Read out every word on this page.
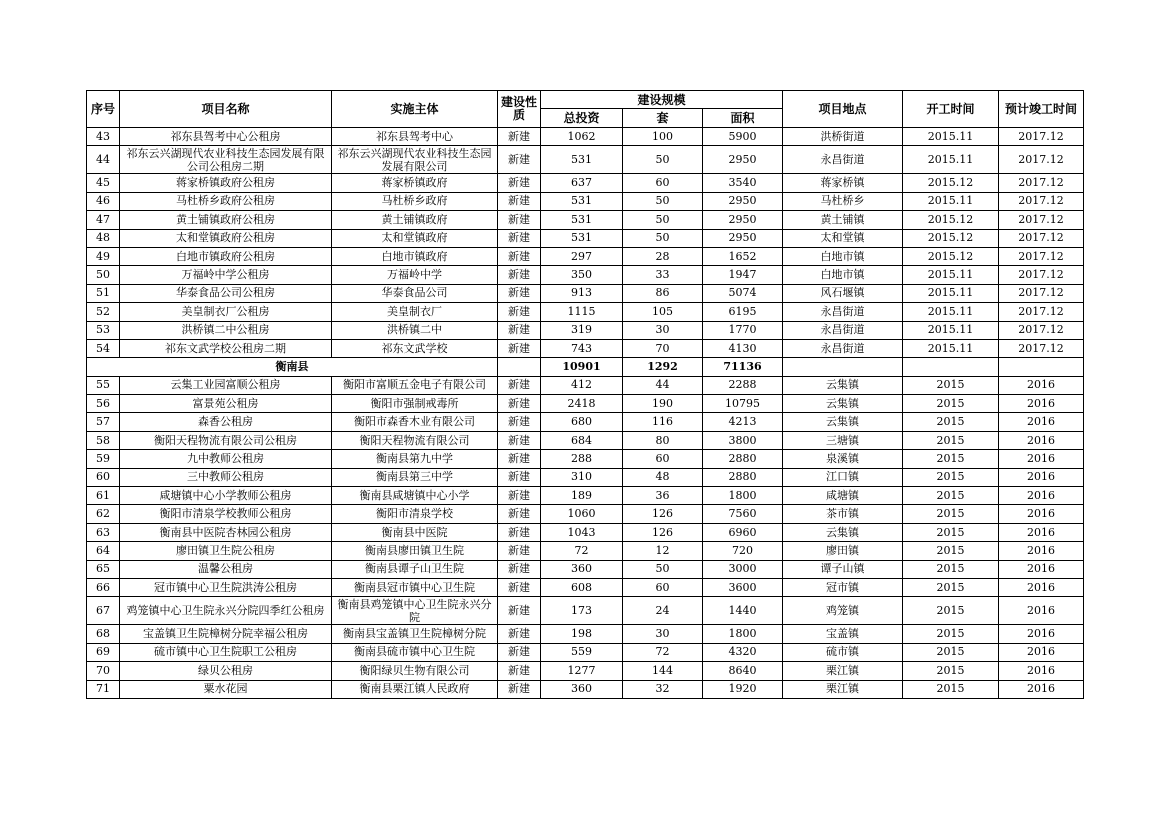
序号	项目名称	实施主体	建设性质	建设规模			项目地点	开工时间	预计竣工时间
				总投资	套	面积			
43	祁东县驾考中心公租房	祁东县驾考中心	新建	1062	100	5900	洪桥街道	2015.11	2017.12
44	祁东云兴湖现代农业科技生态园发展有限公司公租房二期	祁东云兴湖现代农业科技生态园发展有限公司	新建	531	50	2950	永昌街道	2015.11	2017.12
45	蒋家桥镇政府公租房	蒋家桥镇政府	新建	637	60	3540	蒋家桥镇	2015.12	2017.12
46	马杜桥乡政府公租房	马杜桥乡政府	新建	531	50	2950	马杜桥乡	2015.11	2017.12
47	黄土铺镇政府公租房	黄土铺镇政府	新建	531	50	2950	黄土铺镇	2015.12	2017.12
48	太和堂镇政府公租房	太和堂镇政府	新建	531	50	2950	太和堂镇	2015.12	2017.12
49	白地市镇政府公租房	白地市镇政府	新建	297	28	1652	白地市镇	2015.12	2017.12
50	万福岭中学公租房	万福岭中学	新建	350	33	1947	白地市镇	2015.11	2017.12
51	华泰食品公司公租房	华泰食品公司	新建	913	86	5074	风石堰镇	2015.11	2017.12
52	美皇制衣厂公租房	美皇制衣厂	新建	1115	105	6195	永昌街道	2015.11	2017.12
53	洪桥镇二中公租房	洪桥镇二中	新建	319	30	1770	永昌街道	2015.11	2017.12
54	祁东文武学校公租房二期	祁东文武学校	新建	743	70	4130	永昌街道	2015.11	2017.12
衡南县				10901	1292	71136			
55	云集工业园富顺公租房	衡阳市富顺五金电子有限公司	新建	412	44	2288	云集镇	2015	2016
56	富景苑公租房	衡阳市强制戒毒所	新建	2418	190	10795	云集镇	2015	2016
57	森香公租房	衡阳市森香木业有限公司	新建	680	116	4213	云集镇	2015	2016
58	衡阳天程物流有限公司公租房	衡阳天程物流有限公司	新建	684	80	3800	三塘镇	2015	2016
59	九中教师公租房	衡南县第九中学	新建	288	60	2880	泉溪镇	2015	2016
60	三中教师公租房	衡南县第三中学	新建	310	48	2880	江口镇	2015	2016
61	咸塘镇中心小学教师公租房	衡南县咸塘镇中心小学	新建	189	36	1800	咸塘镇	2015	2016
62	衡阳市清泉学校教师公租房	衡阳市清泉学校	新建	1060	126	7560	茶市镇	2015	2016
63	衡南县中医院杏林园公租房	衡南县中医院	新建	1043	126	6960	云集镇	2015	2016
64	廖田镇卫生院公租房	衡南县廖田镇卫生院	新建	72	12	720	廖田镇	2015	2016
65	温馨公租房	衡南县谭子山卫生院	新建	360	50	3000	谭子山镇	2015	2016
66	冠市镇中心卫生院洪涛公租房	衡南县冠市镇中心卫生院	新建	608	60	3600	冠市镇	2015	2016
67	鸡笼镇中心卫生院永兴分院四季红公租房	衡南县鸡笼镇中心卫生院永兴分院	新建	173	24	1440	鸡笼镇	2015	2016
68	宝盖镇卫生院樟树分院幸福公租房	衡南县宝盖镇卫生院樟树分院	新建	198	30	1800	宝盖镇	2015	2016
69	硫市镇中心卫生院职工公租房	衡南县硫市镇中心卫生院	新建	559	72	4320	硫市镇	2015	2016
70	绿贝公租房	衡阳绿贝生物有限公司	新建	1277	144	8640	栗江镇	2015	2016
71	粟水花园	衡南县栗江镇人民政府	新建	360	32	1920	栗江镇	2015	2016
